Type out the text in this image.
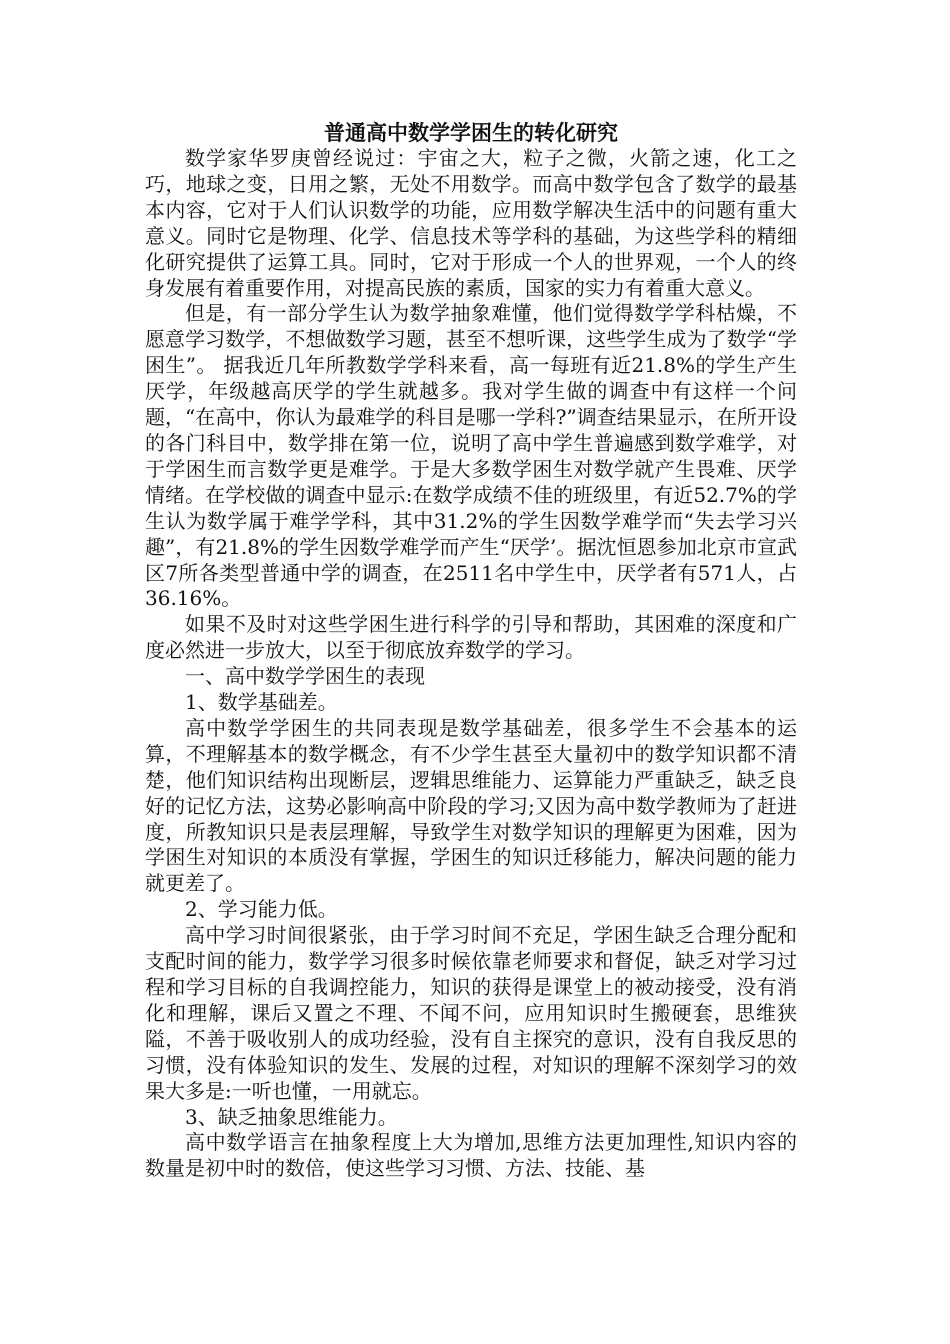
普通高中数学学困生的转化研究

数学家华罗庚曾经说过：宇宙之大，粒子之微，火箭之速，化工之巧，地球之变，日用之繁，无处不用数学。而高中数学包含了数学的最基本内容，它对于人们认识数学的功能，应用数学解决生活中的问题有重大意义。同时它是物理、化学、信息技术等学科的基础，为这些学科的精细化研究提供了运算工具。同时，它对于形成一个人的世界观，一个人的终身发展有着重要作用，对提高民族的素质，国家的实力有着重大意义。

但是，有一部分学生认为数学抽象难懂，他们觉得数学学科枯燥，不愿意学习数学，不想做数学习题，甚至不想听课，这些学生成为了数学“学困生”。 据我近几年所教数学学科来看，高一每班有近21.8%的学生产生厌学，年级越高厌学的学生就越多。我对学生做的调查中有这样一个问题，“在高中，你认为最难学的科目是哪一学科?”调查结果显示，在所开设的各门科目中，数学排在第一位，说明了高中学生普遍感到数学难学，对于学困生而言数学更是难学。于是大多数学困生对数学就产生畏难、厌学情绪。在学校做的调查中显示:在数学成绩不佳的班级里，有近52.7%的学生认为数学属于难学学科，其中31.2%的学生因数学难学而“失去学习兴趣”，有21.8%的学生因数学难学而产生“厌学’。据沈恒恩参加北京市宣武区7所各类型普通中学的调查，在2511名中学生中，厌学者有571人，占36.16%。

如果不及时对这些学困生进行科学的引导和帮助，其困难的深度和广度必然进一步放大，以至于彻底放弃数学的学习。

一、高中数学学困生的表现

1、数学基础差。

高中数学学困生的共同表现是数学基础差，很多学生不会基本的运算，不理解基本的数学概念，有不少学生甚至大量初中的数学知识都不清楚，他们知识结构出现断层，逻辑思维能力、运算能力严重缺乏，缺乏良好的记忆方法，这势必影响高中阶段的学习;又因为高中数学教师为了赶进度，所教知识只是表层理解，导致学生对数学知识的理解更为困难，因为学困生对知识的本质没有掌握，学困生的知识迁移能力，解决问题的能力就更差了。

2、学习能力低。

高中学习时间很紧张，由于学习时间不充足，学困生缺乏合理分配和支配时间的能力，数学学习很多时候依靠老师要求和督促，缺乏对学习过程和学习目标的自我调控能力，知识的获得是课堂上的被动接受，没有消化和理解，课后又置之不理、不闻不问，应用知识时生搬硬套，思维狭隘，不善于吸收别人的成功经验，没有自主探究的意识，没有自我反思的习惯，没有体验知识的发生、发展的过程，对知识的理解不深刻学习的效果大多是:一听也懂，一用就忘。

3、缺乏抽象思维能力。

高中数学语言在抽象程度上大为增加,思维方法更加理性,知识内容的数量是初中时的数倍，使这些学习习惯、方法、技能、基
